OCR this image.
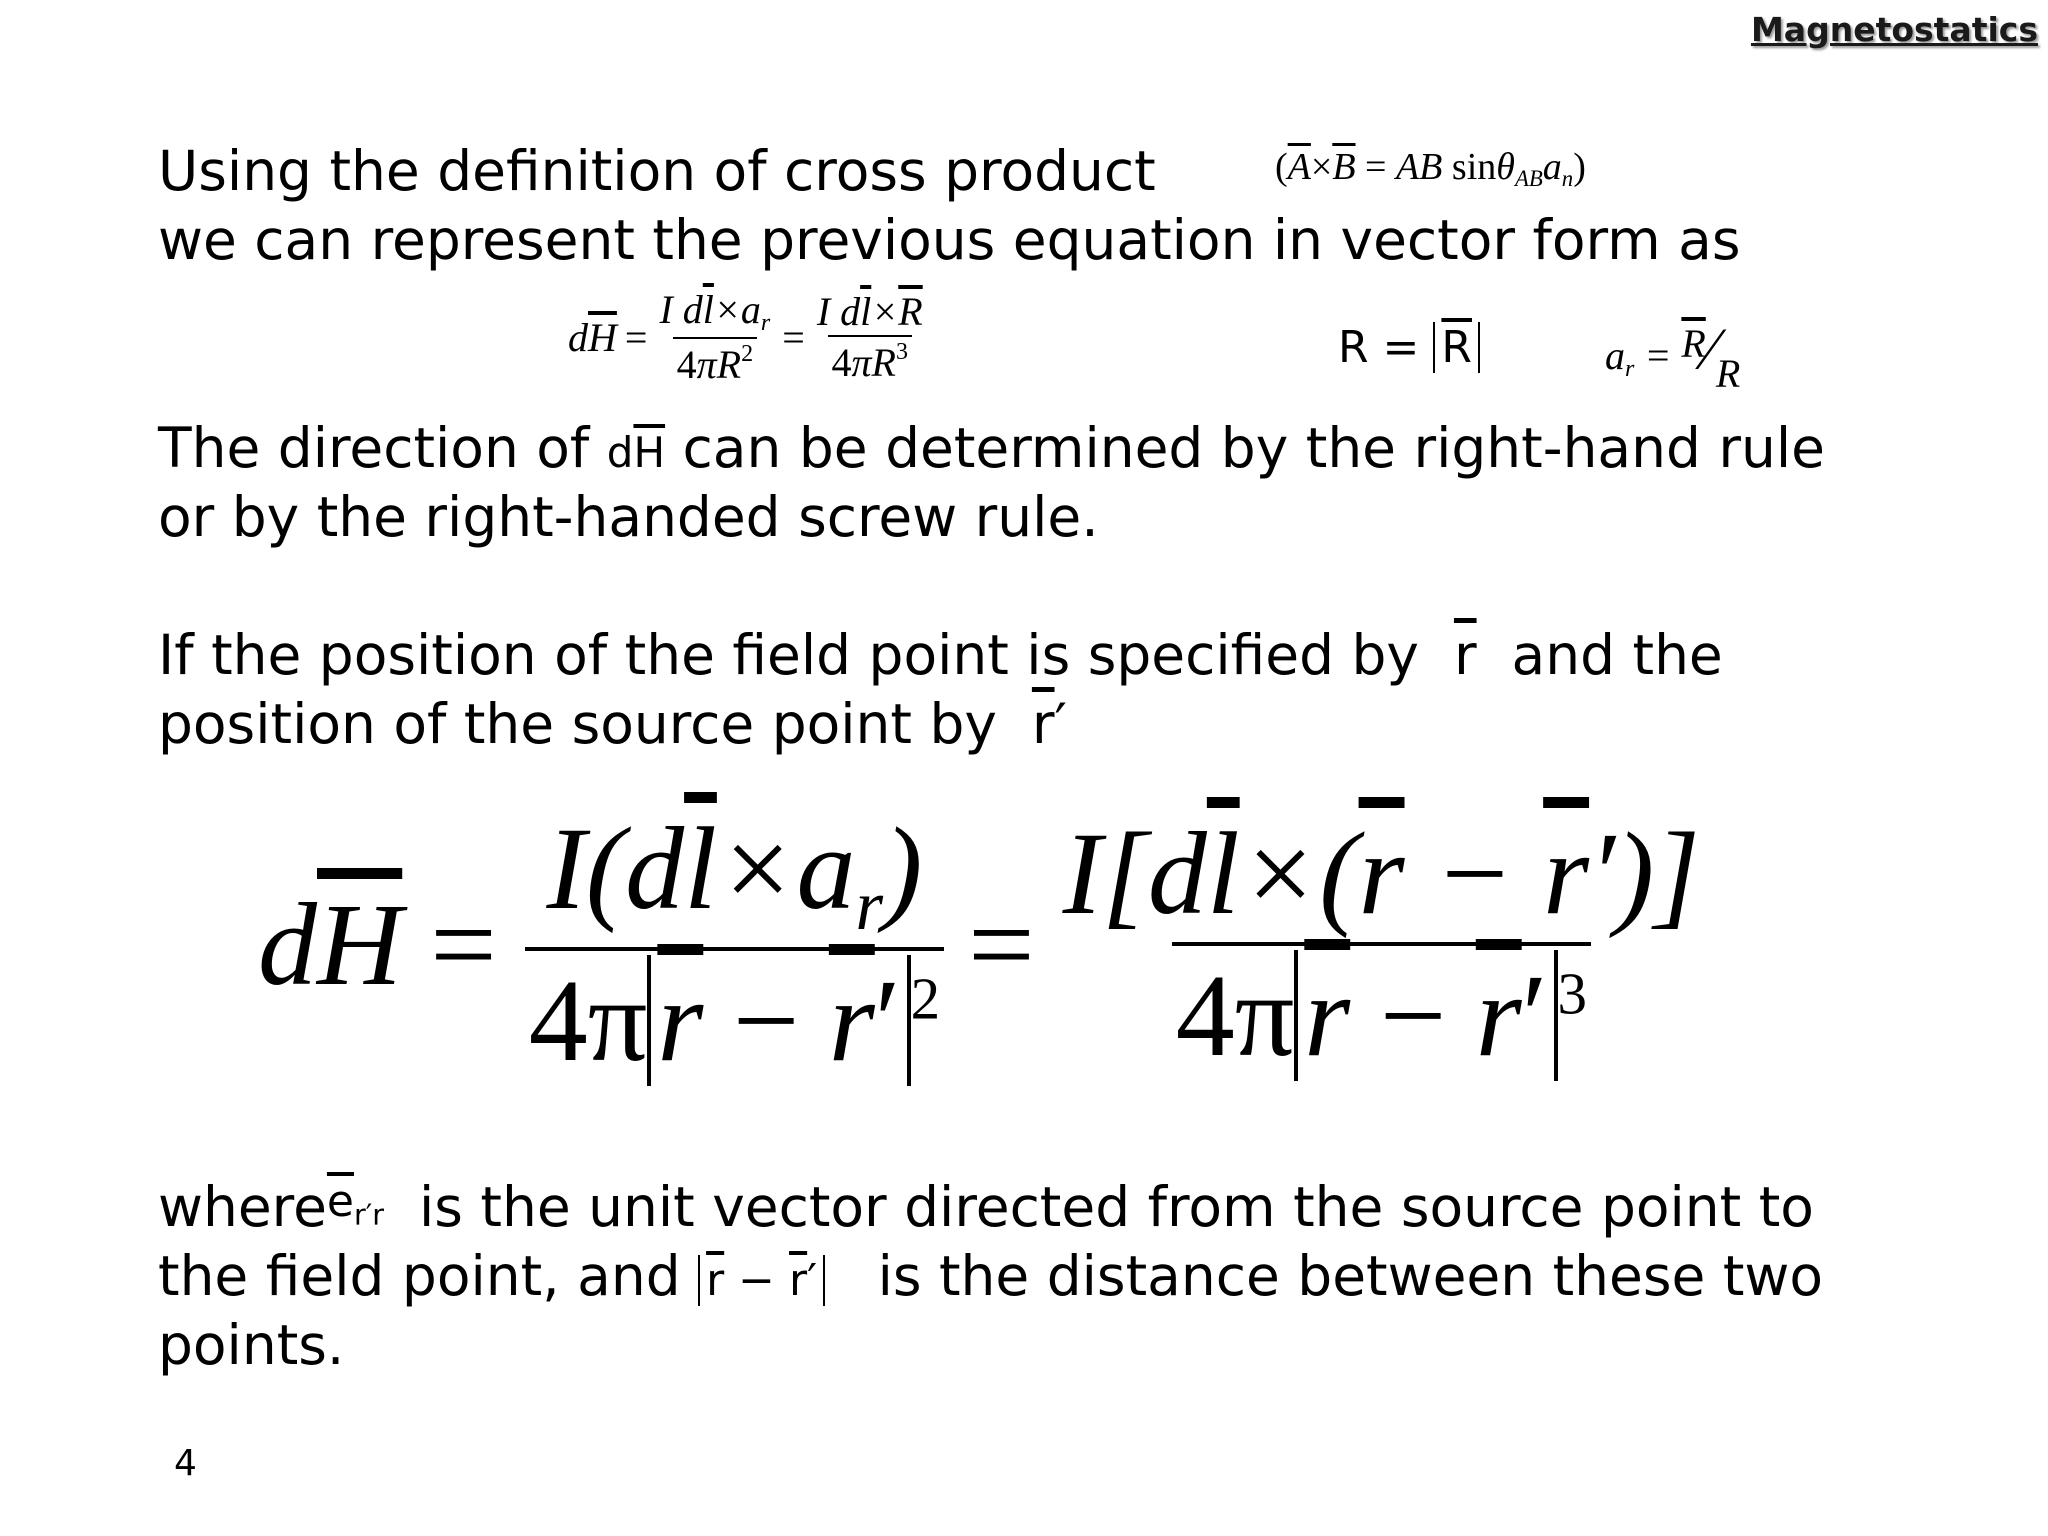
Magnetostatics
Using the definition of cross product	($\overline{A}\times\overline{B}$ = AB $\sin\theta_{AB}a_n$)
we can represent the previous equation in vector form as
$d\overline{H} = \frac{I d\overline{l}\times a_r}{4\pi R^2} = \frac{I d\overline{l}\times\overline{R}}{4\pi R^3}$	$R = \overline{R}$	$a_r$ = $\overline{R}⁄R$
The direction of $d\overline{H}$ can be determined by the right-hand rule
or by the right-handed screw rule.
If the position of the field point is specified by $\overline{r}$ and the
position of the source point by $\overline{r}'$
$d\overline{H} = \frac{I(d\overline{l}\times a_r)}{4\pi\overline{r} - \overline{r}' ^2} = \frac{I[d\overline{l}\times(\overline{r} - \overline{r}')]}{4\pi\overline{r} - \overline{r}' ^3}$
$where\overline{e}_{r'r}$ is the unit vector directed from the source point to
the field point, and $\overline{r} - \overline{r}'$ is the distance between these two
points.
4
